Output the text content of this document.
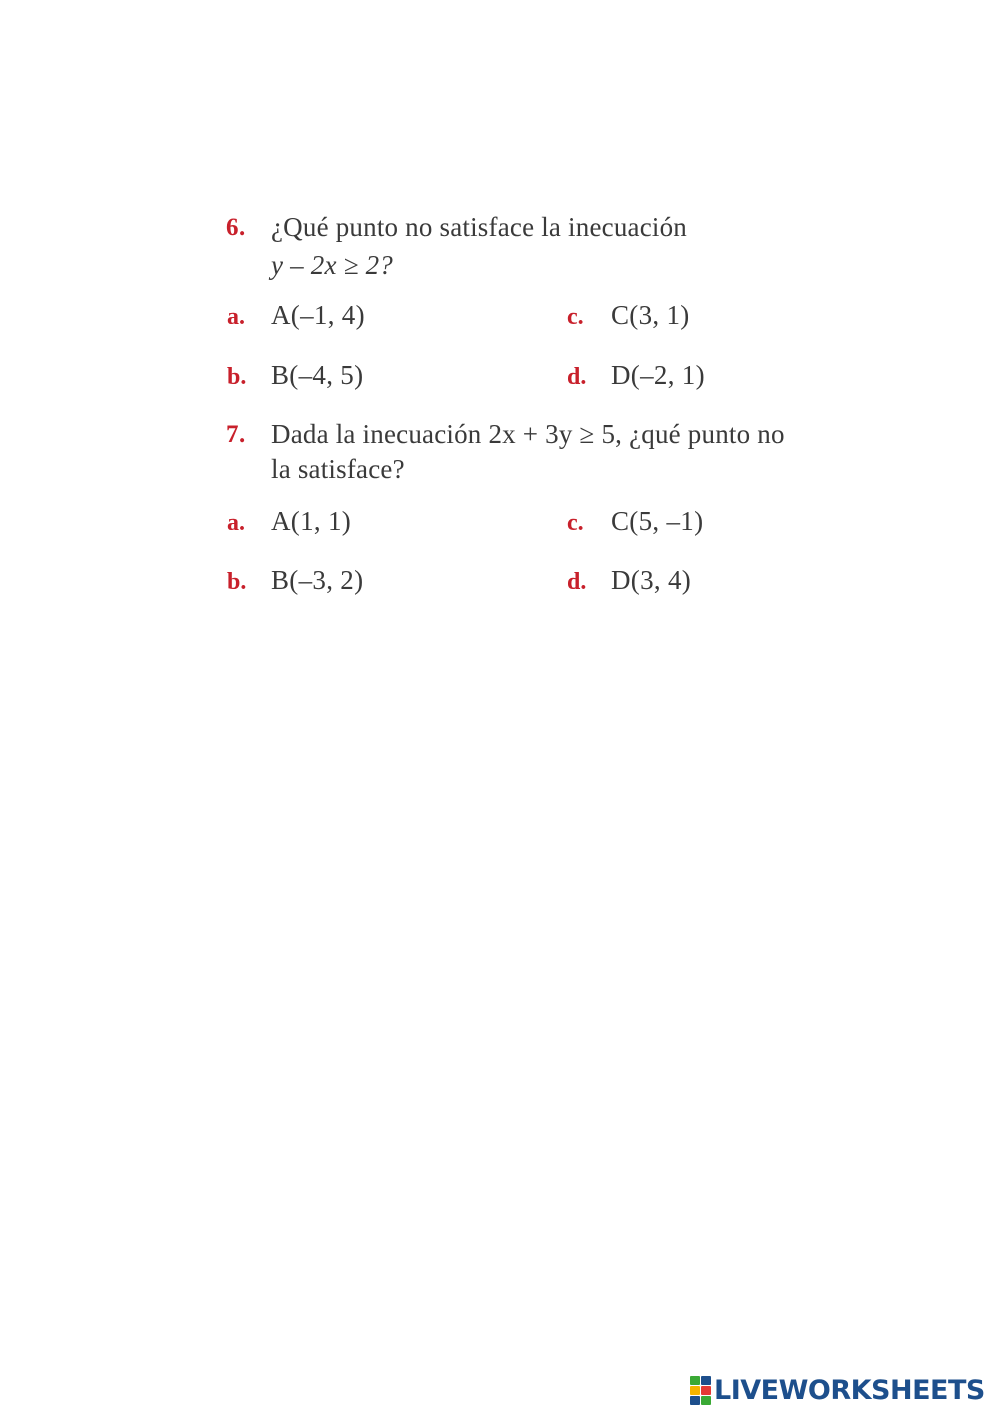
6. ¿Qué punto no satisface la inecuación
y – 2x ≥ 2?
a. A(–1, 4)
b. B(–4, 5)
c. C(3, 1)
d. D(–2, 1)
7. Dada la inecuación 2x + 3y ≥ 5, ¿qué punto no
la satisface?
a. A(1, 1)
b. B(–3, 2)
c. C(5, –1)
d. D(3, 4)
LIVEWORKSHEETS
